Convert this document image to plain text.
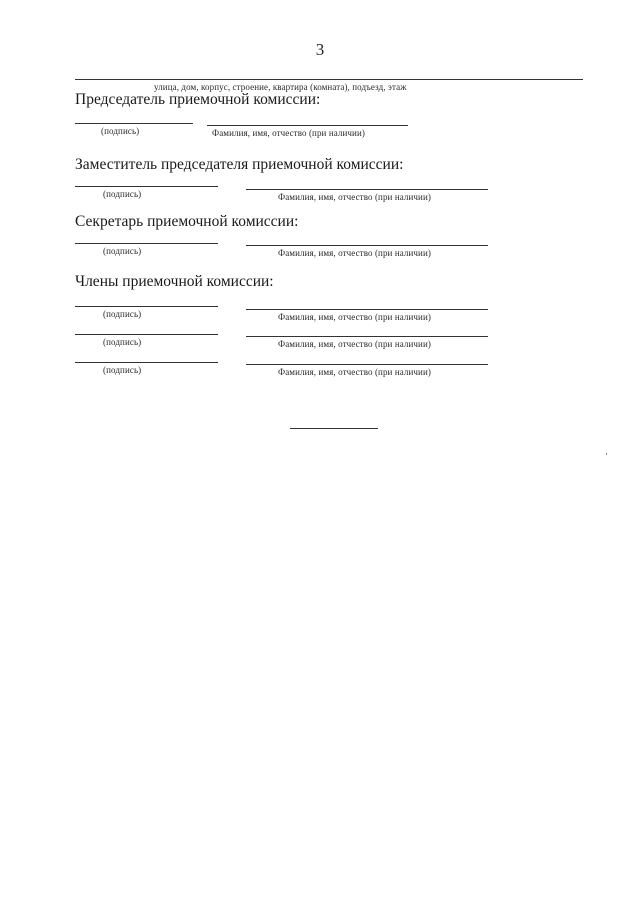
3
улица, дом, корпус, строение, квартира (комната), подъезд, этаж
Председатель приемочной комиссии:
(подпись)	Фамилия, имя, отчество (при наличии)
Заместитель председателя приемочной комиссии:
(подпись)	Фамилия, имя, отчество (при наличии)
Секретарь приемочной комиссии:
(подпись)	Фамилия, имя, отчество (при наличии)
Члены приемочной комиссии:
(подпись)	Фамилия, имя, отчество (при наличии)
(подпись)	Фамилия, имя, отчество (при наличии)
(подпись)	Фамилия, имя, отчество (при наличии)
